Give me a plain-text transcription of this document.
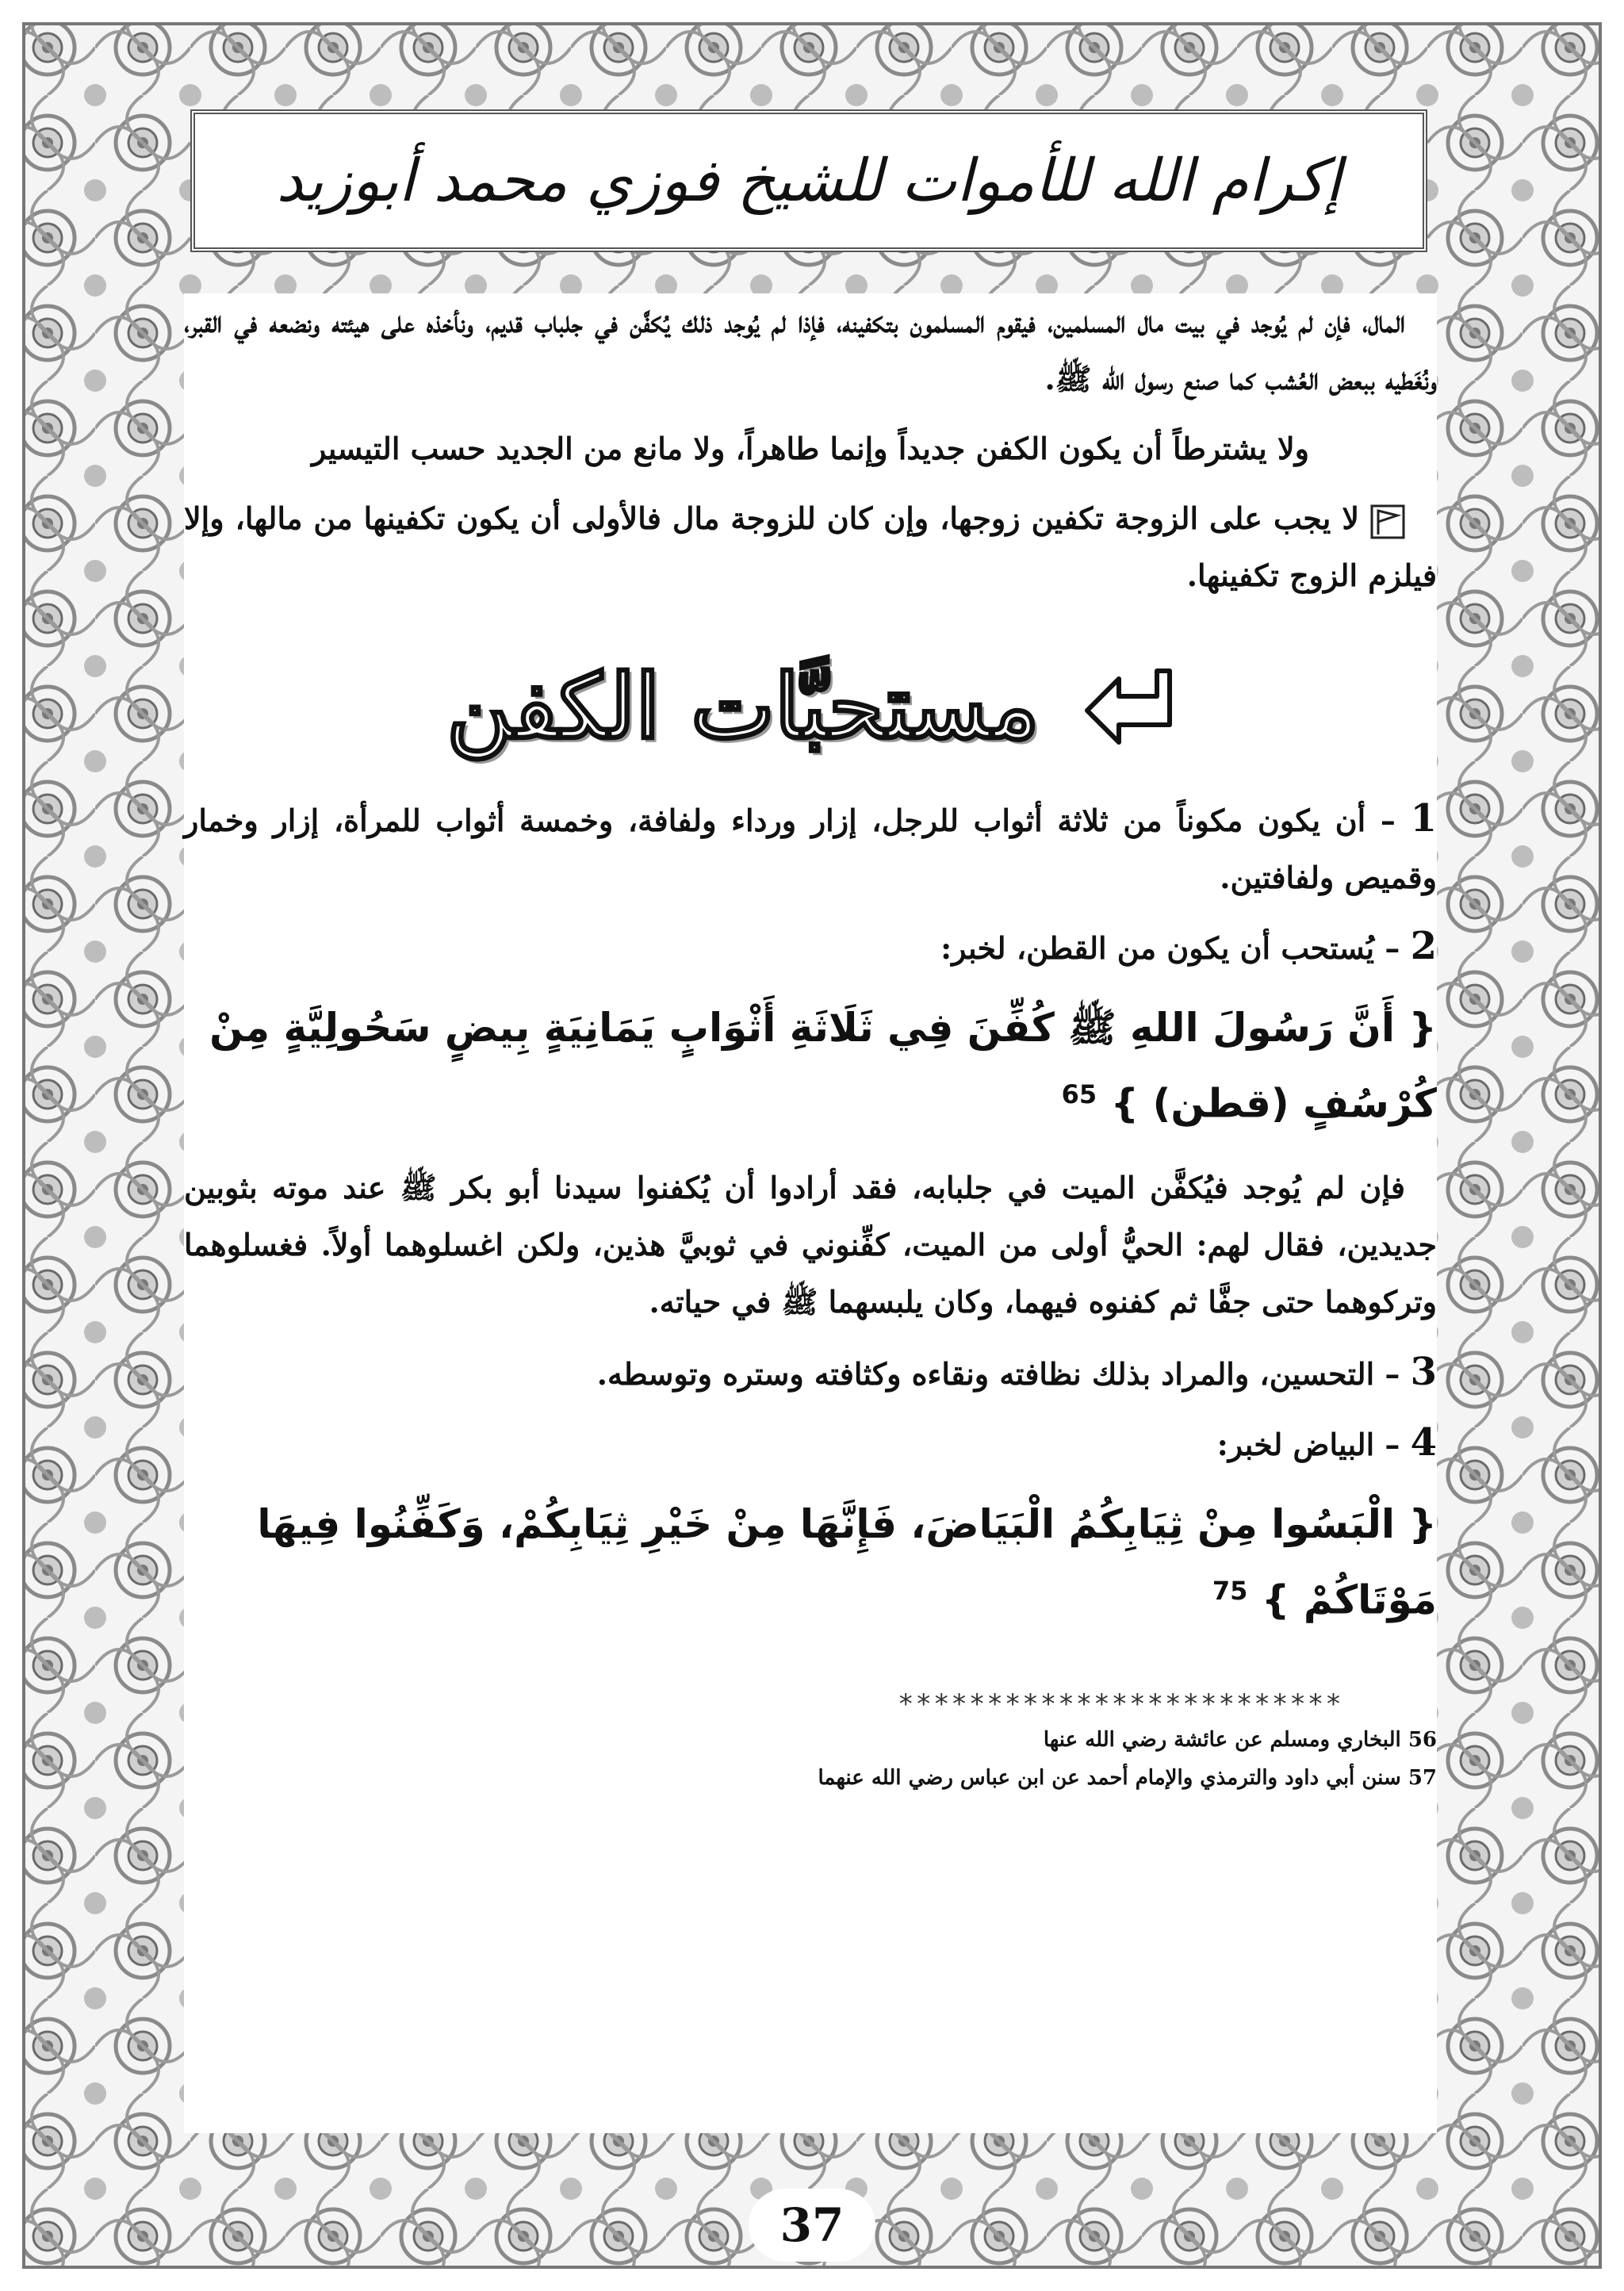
إكرام الله للأموات للشيخ فوزي محمد أبوزيد

المال، فإن لم يُوجد في بيت مال المسلمين، فيقوم المسلمون بتكفينه، فإذا لم يُوجد ذلك يُكفَّن في جلباب قديم، ونأخذه على هيئته ونضعه في القبر، ونُغَطيه ببعض العُشب كما صنع رسول الله ﷺ.

ولا يشترطاً أن يكون الكفن جديداً وإنما طاهراً، ولا مانع من الجديد حسب التيسير

لا يجب على الزوجة تكفين زوجها، وإن كان للزوجة مال فالأولى أن يكون تكفينها من مالها، وإلا فيلزم الزوج تكفينها.

مستحبَّات الكفن
1 – أن يكون مكوناً من ثلاثة أثواب للرجل، إزار ورداء ولفافة، وخمسة أثواب للمرأة، إزار وخمار وقميص ولفافتين.
2 – يُستحب أن يكون من القطن، لخبر:
{ أَنَّ رَسُولَ اللهِ ﷺ كُفِّنَ فِي ثَلَاثَةِ أَثْوَابٍ يَمَانِيَةٍ بِيضٍ سَحُولِيَّةٍ مِنْ كُرْسُفٍ (قطن) } $^{65}$

فإن لم يُوجد فيُكفَّن الميت في جلبابه، فقد أرادوا أن يُكفنوا سيدنا أبو بكر ﷺ عند موته بثوبين جديدين، فقال لهم: الحيُّ أولى من الميت، كفِّنوني في ثوبيَّ هذين، ولكن اغسلوهما أولاً. فغسلوهما وتركوهما حتى جفَّا ثم كفنوه فيهما، وكان يلبسهما ﷺ في حياته.

3 – التحسين، والمراد بذلك نظافته ونقاءه وكثافته وستره وتوسطه.
4 – البياض لخبر:
{ الْبَسُوا مِنْ ثِيَابِكُمُ الْبَيَاضَ، فَإِنَّهَا مِنْ خَيْرِ ثِيَابِكُمْ، وَكَفِّنُوا فِيهَا مَوْتَاكُمْ } $^{75}$
*************************

56 البخاري ومسلم عن عائشة رضي الله عنها

57 سنن أبي داود والترمذي والإمام أحمد عن ابن عباس رضي الله عنهما

37
